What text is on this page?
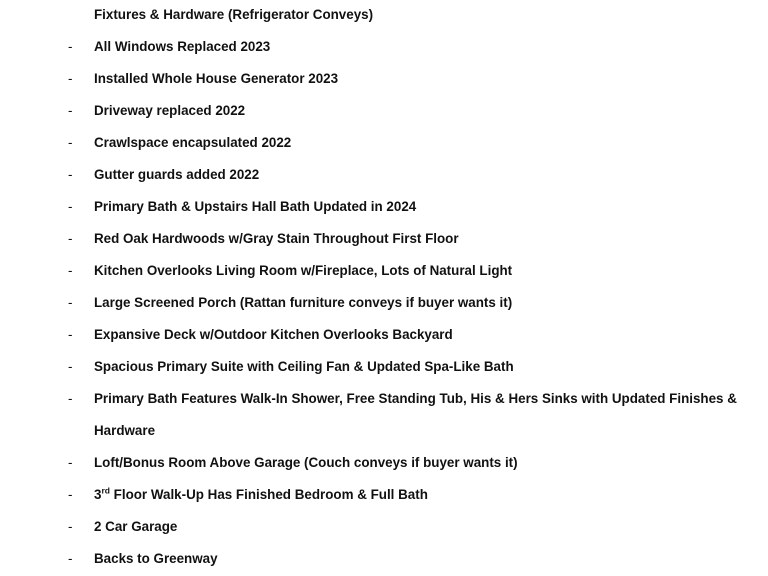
Fixtures & Hardware (Refrigerator Conveys)
- All Windows Replaced 2023
- Installed Whole House Generator 2023
- Driveway replaced 2022
- Crawlspace encapsulated 2022
- Gutter guards added 2022
- Primary Bath & Upstairs Hall Bath Updated in 2024
- Red Oak Hardwoods w/Gray Stain Throughout First Floor
- Kitchen Overlooks Living Room w/Fireplace, Lots of Natural Light
- Large Screened Porch (Rattan furniture conveys if buyer wants it)
- Expansive Deck w/Outdoor Kitchen Overlooks Backyard
- Spacious Primary Suite with Ceiling Fan & Updated Spa-Like Bath
- Primary Bath Features Walk-In Shower, Free Standing Tub, His & Hers Sinks with Updated Finishes &
Hardware
- Loft/Bonus Room Above Garage (Couch conveys if buyer wants it)
- 3rd Floor Walk-Up Has Finished Bedroom & Full Bath
- 2 Car Garage
- Backs to Greenway
